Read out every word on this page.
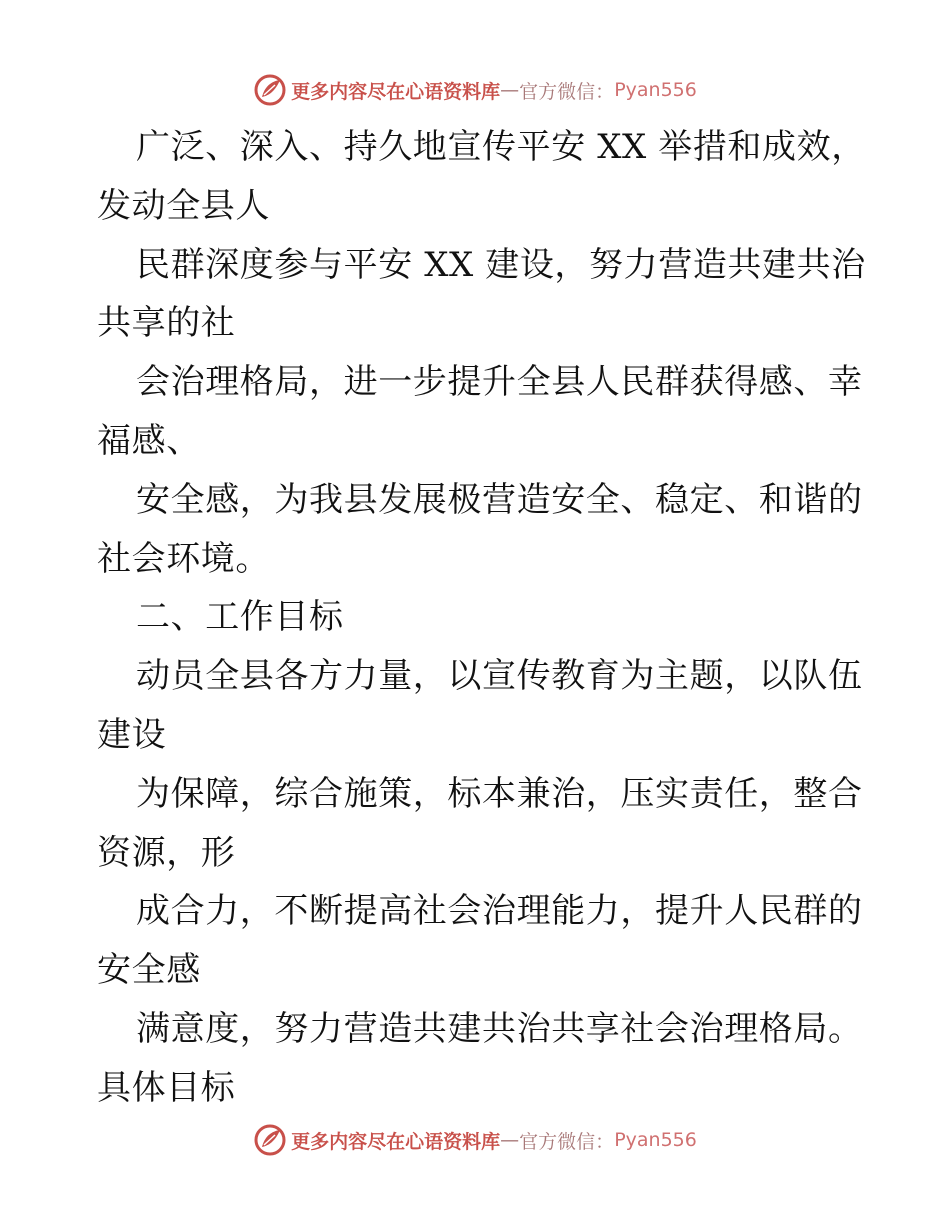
更多内容尽在心语资料库 — 官方微信： Pyan556
广泛、深入、持久地宣传平安 XX 举措和成效，
发动全县人
民群深度参与平安 XX 建设，努力营造共建共治
共享的社
会治理格局，进一步提升全县人民群获得感、幸
福感、
安全感，为我县发展极营造安全、稳定、和谐的
社会环境。
二、工作目标
动员全县各方力量，以宣传教育为主题，以队伍
建设
为保障，综合施策，标本兼治，压实责任，整合
资源，形
成合力，不断提高社会治理能力，提升人民群的
安全感
满意度，努力营造共建共治共享社会治理格局。
具体目标
更多内容尽在心语资料库 — 官方微信： Pyan556
